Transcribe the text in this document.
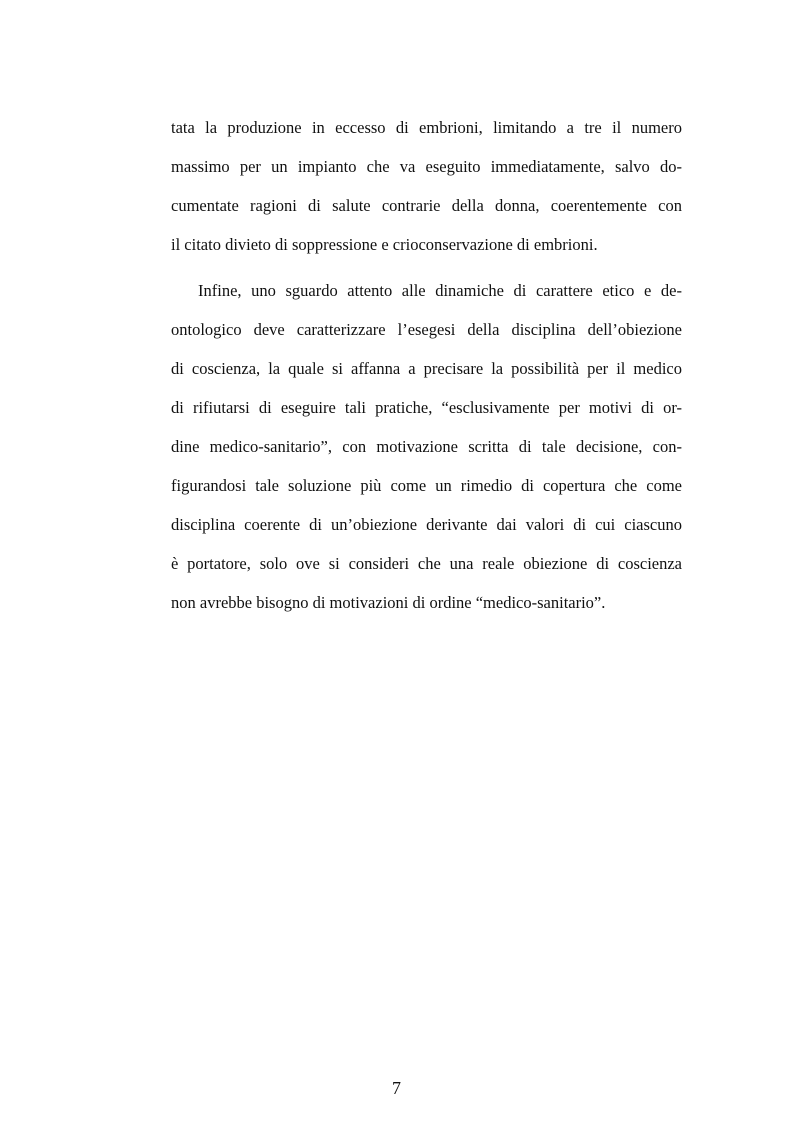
tata la produzione in eccesso di embrioni, limitando a tre il numero
massimo per un impianto che va eseguito immediatamente, salvo do-
cumentate ragioni di salute contrarie della donna, coerentemente con
il citato divieto di soppressione e crioconservazione di embrioni.
Infine, uno sguardo attento alle dinamiche di carattere etico e de-
ontologico deve caratterizzare l’esegesi della disciplina dell’obiezione
di coscienza, la quale si affanna a precisare la possibilità per il medico
di rifiutarsi di eseguire tali pratiche, “esclusivamente per motivi di or-
dine medico-sanitario”, con motivazione scritta di tale decisione, con-
figurandosi tale soluzione più come un rimedio di copertura che come
disciplina coerente di un’obiezione derivante dai valori di cui ciascuno
è portatore, solo ove si consideri che una reale obiezione di coscienza
non avrebbe bisogno di motivazioni di ordine “medico-sanitario”.
7
